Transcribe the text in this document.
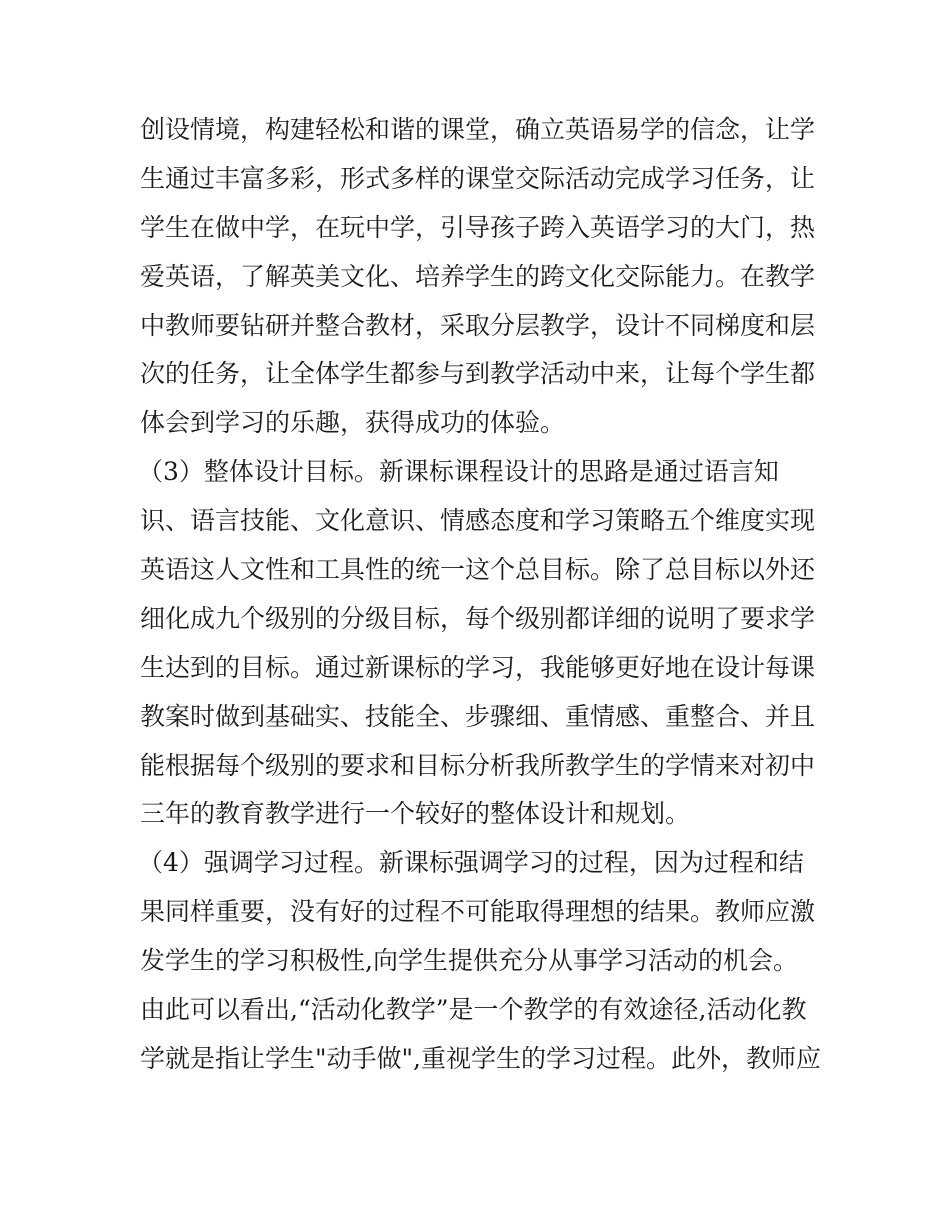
创设情境，构建轻松和谐的课堂，确立英语易学的信念，让学
生通过丰富多彩，形式多样的课堂交际活动完成学习任务，让
学生在做中学，在玩中学，引导孩子跨入英语学习的大门，热
爱英语，了解英美文化、培养学生的跨文化交际能力。在教学
中教师要钻研并整合教材，采取分层教学，设计不同梯度和层
次的任务，让全体学生都参与到教学活动中来，让每个学生都
体会到学习的乐趣，获得成功的体验。
（3）整体设计目标。新课标课程设计的思路是通过语言知
识、语言技能、文化意识、情感态度和学习策略五个维度实现
英语这人文性和工具性的统一这个总目标。除了总目标以外还
细化成九个级别的分级目标，每个级别都详细的说明了要求学
生达到的目标。通过新课标的学习，我能够更好地在设计每课
教案时做到基础实、技能全、步骤细、重情感、重整合、并且
能根据每个级别的要求和目标分析我所教学生的学情来对初中
三年的教育教学进行一个较好的整体设计和规划。
（4）强调学习过程。新课标强调学习的过程，因为过程和结
果同样重要，没有好的过程不可能取得理想的结果。教师应激
发学生的学习积极性,向学生提供充分从事学习活动的机会。
由此可以看出,“活动化教学”是一个教学的有效途径,活动化教
学就是指让学生"动手做",重视学生的学习过程。此外，教师应
